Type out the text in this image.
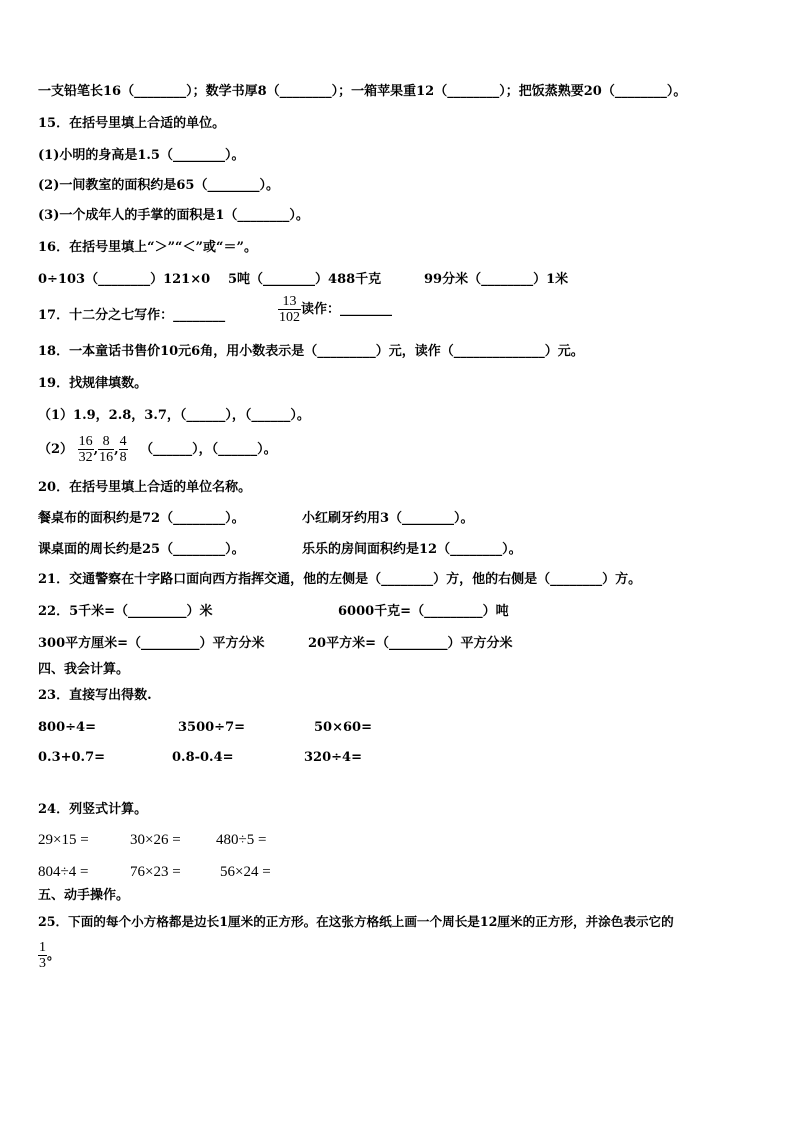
一支铅笔长16（________）；数学书厚8（________）；一箱苹果重12（________）；把饭蒸熟要20（________）。
15．在括号里填上合适的单位。
(1)小明的身高是1.5（________）。
(2)一间教室的面积约是65（________）。
(3)一个成年人的手掌的面积是1（________）。
16．在括号里填上“＞”“＜”或“＝”。
0÷103（________）121×0 5吨（________）488千克	99分米（________）1米
17．十二分之七写作：________	$\frac{13}{102}$ 读作：________
18．一本童话书售价10元6角，用小数表示是（_________）元，读作（______________）元。
19．找规律填数。
（1）1.9，2.8，3.7，（______），（______）。
$(2) \frac{16}{32}$ , $\frac{8}{16}$ , $\frac{4}{8}$ （______），（______）。
20．在括号里填上合适的单位名称。
餐桌布的面积约是72（________）。	小红刷牙约用3（________）。
课桌面的周长约是25（________）。	乐乐的房间面积约是12（________）。
21．交通警察在十字路口面向西方指挥交通，他的左侧是（________）方，他的右侧是（________）方。
22．5千米=（_________）米	6000千克=（_________）吨
300平方厘米=（_________）平方分米	20平方米=（_________）平方分米
四、我会计算。
23．直接写出得数.
800÷4=	3500÷7=	50×60=
0.3+0.7=	0.8-0.4=	320÷4=
24．列竖式计算。
29×15 =	30×26 = 480÷5 =
804÷4 =	76×23 =	56×24 =
五、动手操作。
25．下面的每个小方格都是边长1厘米的正方形。在这张方格纸上画一个周长是12厘米的正方形，并涂色表示它的
$\frac{1}{3}$ 。
